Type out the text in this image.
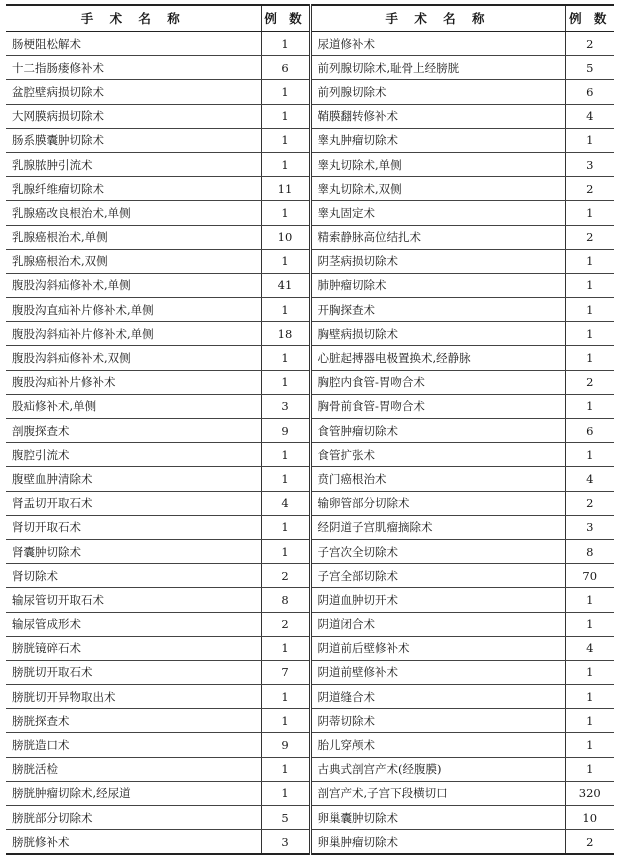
手 术 名 称	例 数	手 术 名 称	例 数
肠梗阻松解术	1	尿道修补术	2
十二指肠瘘修补术	6	前列腺切除术,耻骨上经膀胱	5
盆腔壁病损切除术	1	前列腺切除术	6
大网膜病损切除术	1	鞘膜翻转修补术	4
肠系膜囊肿切除术	1	睾丸肿瘤切除术	1
乳腺脓肿引流术	1	睾丸切除术,单侧	3
乳腺纤维瘤切除术	11	睾丸切除术,双侧	2
乳腺癌改良根治术,单侧	1	睾丸固定术	1
乳腺癌根治术,单侧	10	精索静脉高位结扎术	2
乳腺癌根治术,双侧	1	阴茎病损切除术	1
腹股沟斜疝修补术,单侧	41	肺肿瘤切除术	1
腹股沟直疝补片修补术,单侧	1	开胸探查术	1
腹股沟斜疝补片修补术,单侧	18	胸壁病损切除术	1
腹股沟斜疝修补术,双侧	1	心脏起搏器电极置换术,经静脉	1
腹股沟疝补片修补术	1	胸腔内食管-胃吻合术	2
股疝修补术,单侧	3	胸骨前食管-胃吻合术	1
剖腹探查术	9	食管肿瘤切除术	6
腹腔引流术	1	食管扩张术	1
腹壁血肿清除术	1	贲门癌根治术	4
肾盂切开取石术	4	输卵管部分切除术	2
肾切开取石术	1	经阴道子宫肌瘤摘除术	3
肾囊肿切除术	1	子宫次全切除术	8
肾切除术	2	子宫全部切除术	70
输尿管切开取石术	8	阴道血肿切开术	1
输尿管成形术	2	阴道闭合术	1
膀胱镜碎石术	1	阴道前后壁修补术	4
膀胱切开取石术	7	阴道前壁修补术	1
膀胱切开异物取出术	1	阴道缝合术	1
膀胱探查术	1	阴蒂切除术	1
膀胱造口术	9	胎儿穿颅术	1
膀胱活检	1	古典式剖宫产术(经腹膜)	1
膀胱肿瘤切除术,经尿道	1	剖宫产术,子宫下段横切口	320
膀胱部分切除术	5	卵巢囊肿切除术	10
膀胱修补术	3	卵巢肿瘤切除术	2
